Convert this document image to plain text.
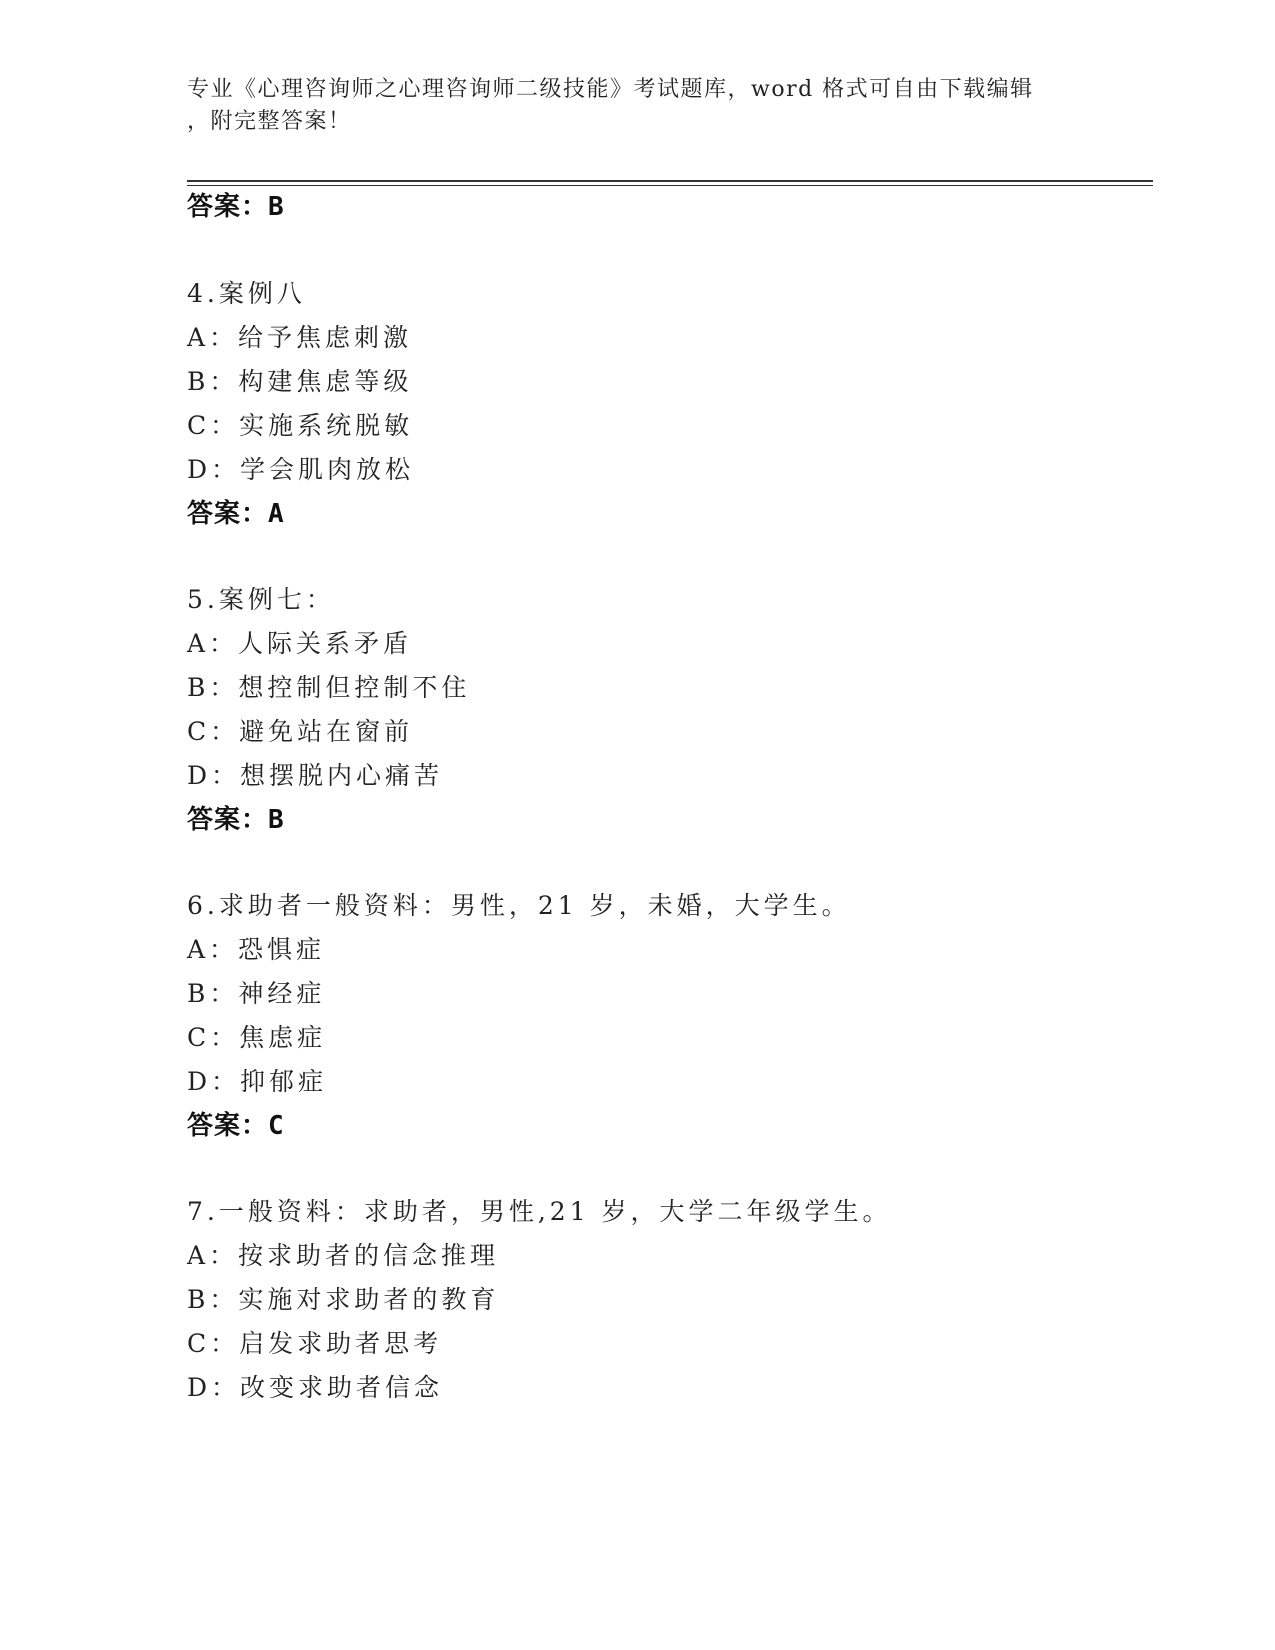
专业《心理咨询师之心理咨询师二级技能》考试题库，word 格式可自由下载编辑
，附完整答案！
答案：B
4.案例八
A：给予焦虑刺激
B：构建焦虑等级
C：实施系统脱敏
D：学会肌肉放松
答案：A
5.案例七：
A：人际关系矛盾
B：想控制但控制不住
C：避免站在窗前
D：想摆脱内心痛苦
答案：B
6.求助者一般资料：男性，21 岁，未婚，大学生。
A：恐惧症
B：神经症
C：焦虑症
D：抑郁症
答案：C
7.一般资料：求助者，男性,21 岁，大学二年级学生。
A：按求助者的信念推理
B：实施对求助者的教育
C：启发求助者思考
D：改变求助者信念
